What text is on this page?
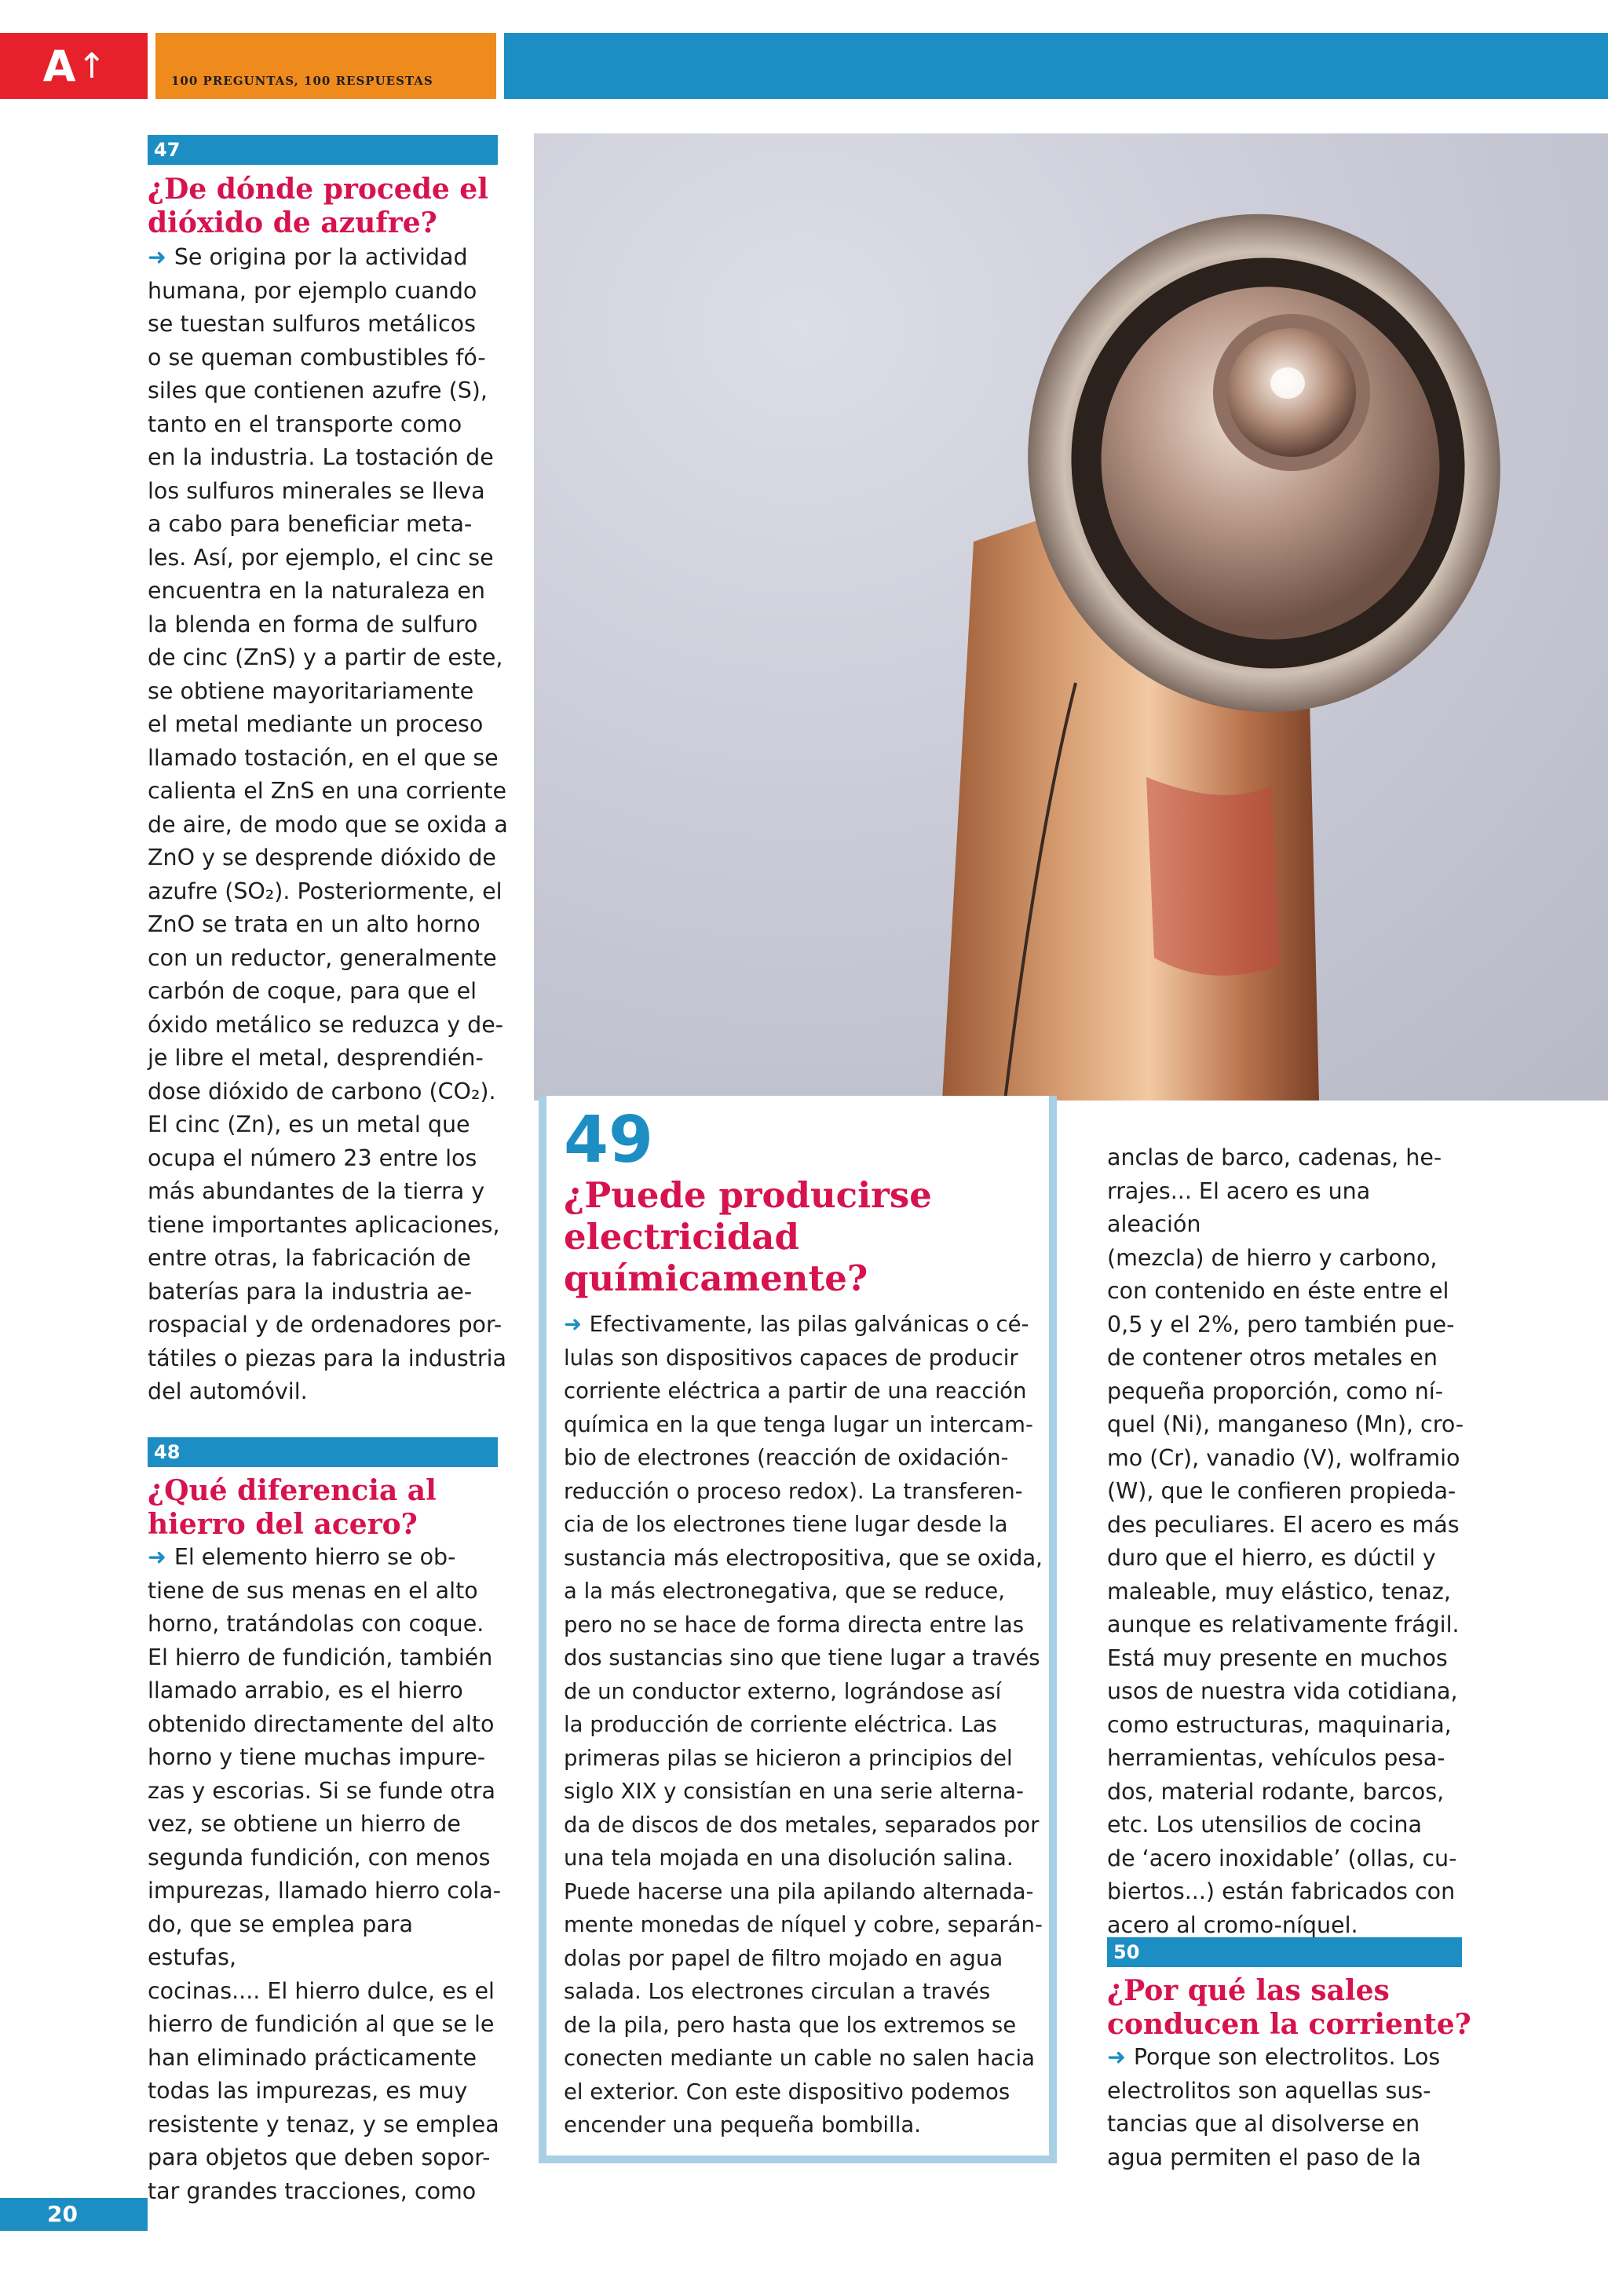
A ↑	100 PREGUNTAS, 100 RESPUESTAS
47
¿De dónde procede el
dióxido de azufre?
➜ Se origina por la actividad
humana, por ejemplo cuando
se tuestan sulfuros metálicos
o se queman combustibles fó-
siles que contienen azufre (S),
tanto en el transporte como
en la industria. La tostación de
los sulfuros minerales se lleva
a cabo para beneficiar meta-
les. Así, por ejemplo, el cinc se
encuentra en la naturaleza en
la blenda en forma de sulfuro
de cinc (ZnS) y a partir de este,
se obtiene mayoritariamente
el metal mediante un proceso
llamado tostación, en el que se
calienta el ZnS en una corriente
de aire, de modo que se oxida a
ZnO y se desprende dióxido de
azufre (SO₂). Posteriormente, el
ZnO se trata en un alto horno
con un reductor, generalmente
carbón de coque, para que el
óxido metálico se reduzca y de-
je libre el metal, desprendién-
dose dióxido de carbono (CO₂).
El cinc (Zn), es un metal que
ocupa el número 23 entre los
más abundantes de la tierra y
tiene importantes aplicaciones,
entre otras, la fabricación de
baterías para la industria ae-
rospacial y de ordenadores por-
tátiles o piezas para la industria
del automóvil.
48
¿Qué diferencia al
hierro del acero?
➜ El elemento hierro se ob-
tiene de sus menas en el alto
horno, tratándolas con coque.
El hierro de fundición, también
llamado arrabio, es el hierro
obtenido directamente del alto
horno y tiene muchas impure-
zas y escorias. Si se funde otra
vez, se obtiene un hierro de
segunda fundición, con menos
impurezas, llamado hierro cola-
do, que se emplea para estufas,
cocinas.... El hierro dulce, es el
hierro de fundición al que se le
han eliminado prácticamente
todas las impurezas, es muy
resistente y tenaz, y se emplea
para objetos que deben sopor-
tar grandes tracciones, como
49
¿Puede producirse
electricidad
químicamente?
➜ Efectivamente, las pilas galvánicas o cé-
lulas son dispositivos capaces de producir
corriente eléctrica a partir de una reacción
química en la que tenga lugar un intercam-
bio de electrones (reacción de oxidación-
reducción o proceso redox). La transferen-
cia de los electrones tiene lugar desde la
sustancia más electropositiva, que se oxida,
a la más electronegativa, que se reduce,
pero no se hace de forma directa entre las
dos sustancias sino que tiene lugar a través
de un conductor externo, lográndose así
la producción de corriente eléctrica. Las
primeras pilas se hicieron a principios del
siglo XIX y consistían en una serie alterna-
da de discos de dos metales, separados por
una tela mojada en una disolución salina.
Puede hacerse una pila apilando alternada-
mente monedas de níquel y cobre, separán-
dolas por papel de filtro mojado en agua
salada. Los electrones circulan a través
de la pila, pero hasta que los extremos se
conecten mediante un cable no salen hacia
el exterior. Con este dispositivo podemos
encender una pequeña bombilla.
anclas de barco, cadenas, he-
rrajes... El acero es una aleación
(mezcla) de hierro y carbono,
con contenido en éste entre el
0,5 y el 2%, pero también pue-
de contener otros metales en
pequeña proporción, como ní-
quel (Ni), manganeso (Mn), cro-
mo (Cr), vanadio (V), wolframio
(W), que le confieren propieda-
des peculiares. El acero es más
duro que el hierro, es dúctil y
maleable, muy elástico, tenaz,
aunque es relativamente frágil.
Está muy presente en muchos
usos de nuestra vida cotidiana,
como estructuras, maquinaria,
herramientas, vehículos pesa-
dos, material rodante, barcos,
etc. Los utensilios de cocina
de ‘acero inoxidable’ (ollas, cu-
biertos...) están fabricados con
acero al cromo-níquel.
50
¿Por qué las sales
conducen la corriente?
➜ Porque son electrolitos. Los
electrolitos son aquellas sus-
tancias que al disolverse en
agua permiten el paso de la
20
